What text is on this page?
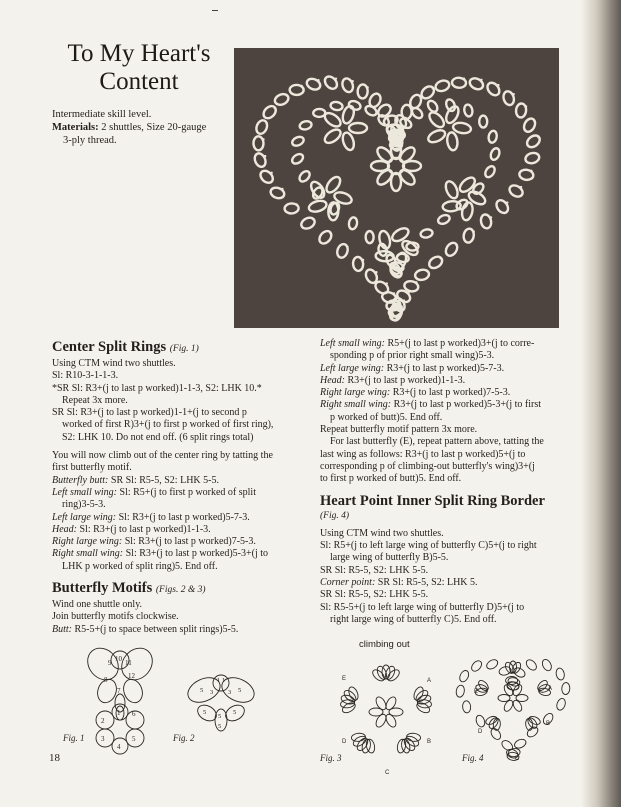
To My Heart's
Content

Intermediate skill level.

Materials: 2 shuttles, Size 20-gauge

3-ply thread.

Center Split Rings (Fig. 1)

Using CTM wind two shuttles.

Sl: R10-3-1-1-3.

*SR Sl: R3+(j to last p worked)1-1-3, S2: LHK 10.*

Repeat 3x more.

SR Sl: R3+(j to last p worked)1-1+(j to second p

worked of first R)3+(j to first p worked of first ring),

S2: LHK 10. Do not end off. (6 split rings total)

You will now climb out of the center ring by tatting the

first butterfly motif.

Butterfly butt: SR Sl: R5-5, S2: LHK 5-5.

Left small wing: Sl: R5+(j to first p worked of split

ring)3-5-3.

Left large wing: Sl: R3+(j to last p worked)5-7-3.

Head: Sl: R3+(j to last p worked)1-1-3.

Right large wing: Sl: R3+(j to last p worked)7-5-3.

Right small wing: Sl: R3+(j to last p worked)5-3+(j to

LHK p worked of split ring)5. End off.

Butterfly Motifs (Figs. 2 & 3)

Wind one shuttle only.

Join butterfly motifs clockwise.

Butt: R5-5+(j to space between split rings)5-5.

Left small wing: R5+(j to last p worked)3+(j to corre-

sponding p of prior right small wing)5-3.

Left large wing: R3+(j to last p worked)5-7-3.

Head: R3+(j to last p worked)1-1-3.

Right large wing: R3+(j to last p worked)7-5-3.

Right small wing: R3+(j to last p worked)5-3+(j to first

p worked of butt)5. End off.

Repeat butterfly motif pattern 3x more.

For last butterfly (E), repeat pattern above, tatting the

last wing as follows: R3+(j to last p worked)5+(j to

corresponding p of climbing-out butterfly's wing)3+(j

to first p worked of butt)5. End off.

Heart Point Inner Split Ring Border

(Fig. 4)

Using CTM wind two shuttles.

Sl: R5+(j to left large wing of butterfly C)5+(j to right

large wing of butterfly B)5-5.

SR Sl: R5-5, S2: LHK 5-5.

Corner point: SR Sl: R5-5, S2: LHK 5.

SR Sl: R5-5, S2: LHK 5-5.

Sl: R5-5+(j to left large wing of butterfly D)5+(j to

right large wing of butterfly C)5. End off.

9 10 11
12
8
7
2
1 6
3
4
5
1 1
5 3 3 5
5	5
5
5
A
B
C
D
E
A
B
C
D
E
climbing out
Fig. 1	Fig. 2
Fig. 3	Fig. 4
18
